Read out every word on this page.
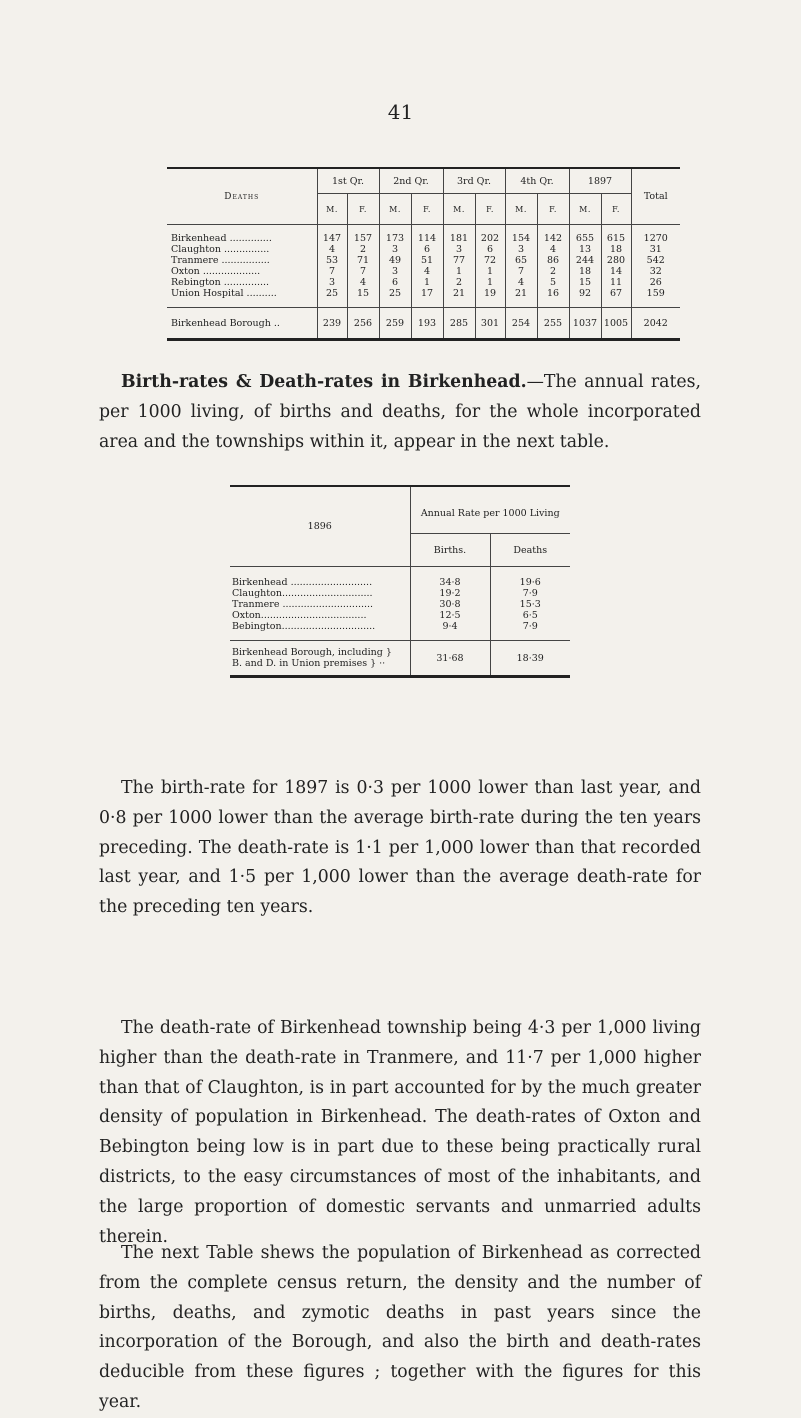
41
Deaths	1st Qr.		2nd Qr.		3rd Qr.		4th Qr.		1897		Total
	M.	F.	M.	F.	M.	F.	M.	F.	M.	F.	

Birkenhead ..............	147	157	173	114	181	202	154	142	655	615	1270
Claughton ...............	4	2	3	6	3	6	3	4	13	18	31
Tranmere ................	53	71	49	51	77	72	65	86	244	280	542
Oxton ...................	7	7	3	4	1	1	7	2	18	14	32
Rebington ...............	3	4	6	1	2	1	4	5	15	11	26
Union Hospital ..........	25	15	25	17	21	19	21	16	92	67	159

Birkenhead Borough ..	239	256	259	193	285	301	254	255	1037	1005	2042
Birth-rates & Death-rates in Birkenhead.—The annual rates, per 1000 living, of births and deaths, for the whole incorporated area and the townships within it, appear in the next table.
1896	Annual Rate per 1000 Living	
	Births.	Deaths

Birkenhead ...........................	34·8	19·6
Claughton..............................	19·2	7·9
Tranmere ..............................	30·8	15·3
Oxton...................................	12·5	6·5
Bebington...............................	9·4	7·9

Birkenhead Borough, including }
B. and D. in Union premises } ··	31·68	18·39
The birth-rate for 1897 is 0·3 per 1000 lower than last year, and 0·8 per 1000 lower than the average birth-rate during the ten years preceding. The death-rate is 1·1 per 1,000 lower than that recorded last year, and 1·5 per 1,000 lower than the average death-rate for the preceding ten years.
The death-rate of Birkenhead township being 4·3 per 1,000 living higher than the death-rate in Tranmere, and 11·7 per 1,000 higher than that of Claughton, is in part accounted for by the much greater density of population in Birkenhead. The death-rates of Oxton and Bebington being low is in part due to these being practically rural districts, to the easy circumstances of most of the inhabitants, and the large proportion of domestic servants and unmarried adults therein.
The next Table shews the population of Birkenhead as corrected from the complete census return, the density and the number of births, deaths, and zymotic deaths in past years since the incorporation of the Borough, and also the birth and death-rates deducible from these figures ; together with the figures for this year.
